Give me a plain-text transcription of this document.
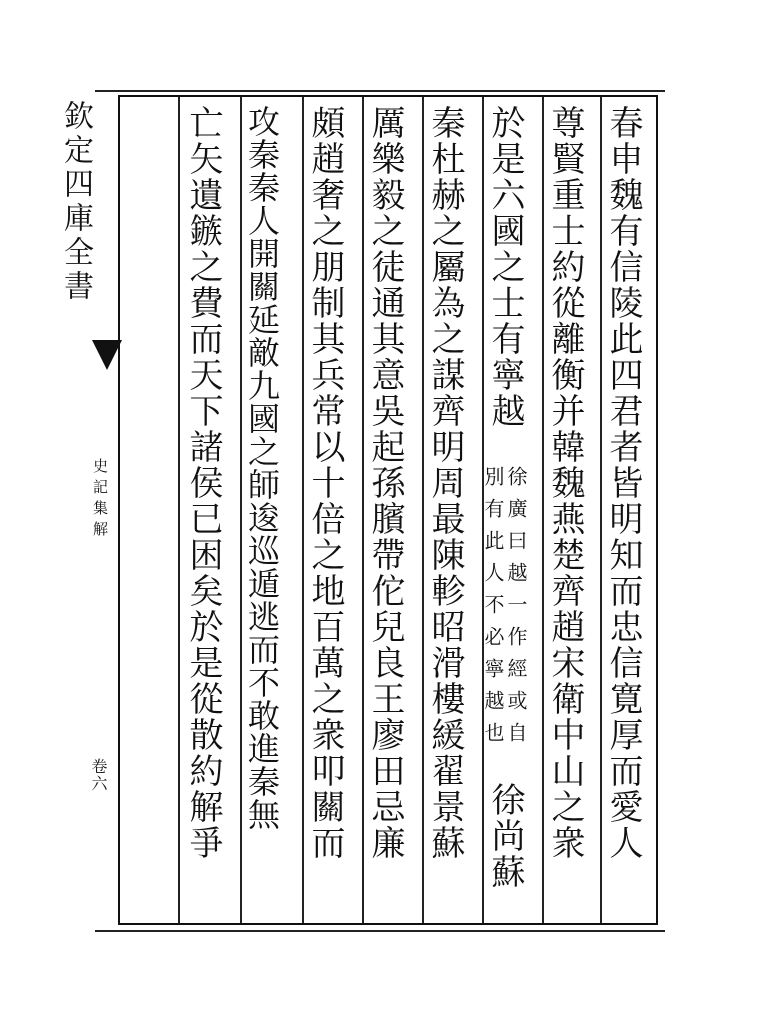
欽定四庫全書
史記集解
卷六	春申魏有信陵此四君者皆明知而忠信寛厚而愛人
尊賢重士約從離衡并韓魏燕楚齊趙宋衛中山之衆
於是六國之士有寧越
徐廣曰越一作經或自
別有此人不必寧越也
徐尚蘇
秦杜赫之屬為之謀齊明周最陳軫昭滑樓緩翟景蘇
厲樂毅之徒通其意吳起孫臏帶佗兒良王廖田忌廉
頗趙奢之朋制其兵常以十倍之地百萬之衆叩關而
攻秦秦人開關延敵九國之師逡巡遁逃而不敢進秦無
亡矢遺鏃之費而天下諸侯已困矣於是從散約解爭
